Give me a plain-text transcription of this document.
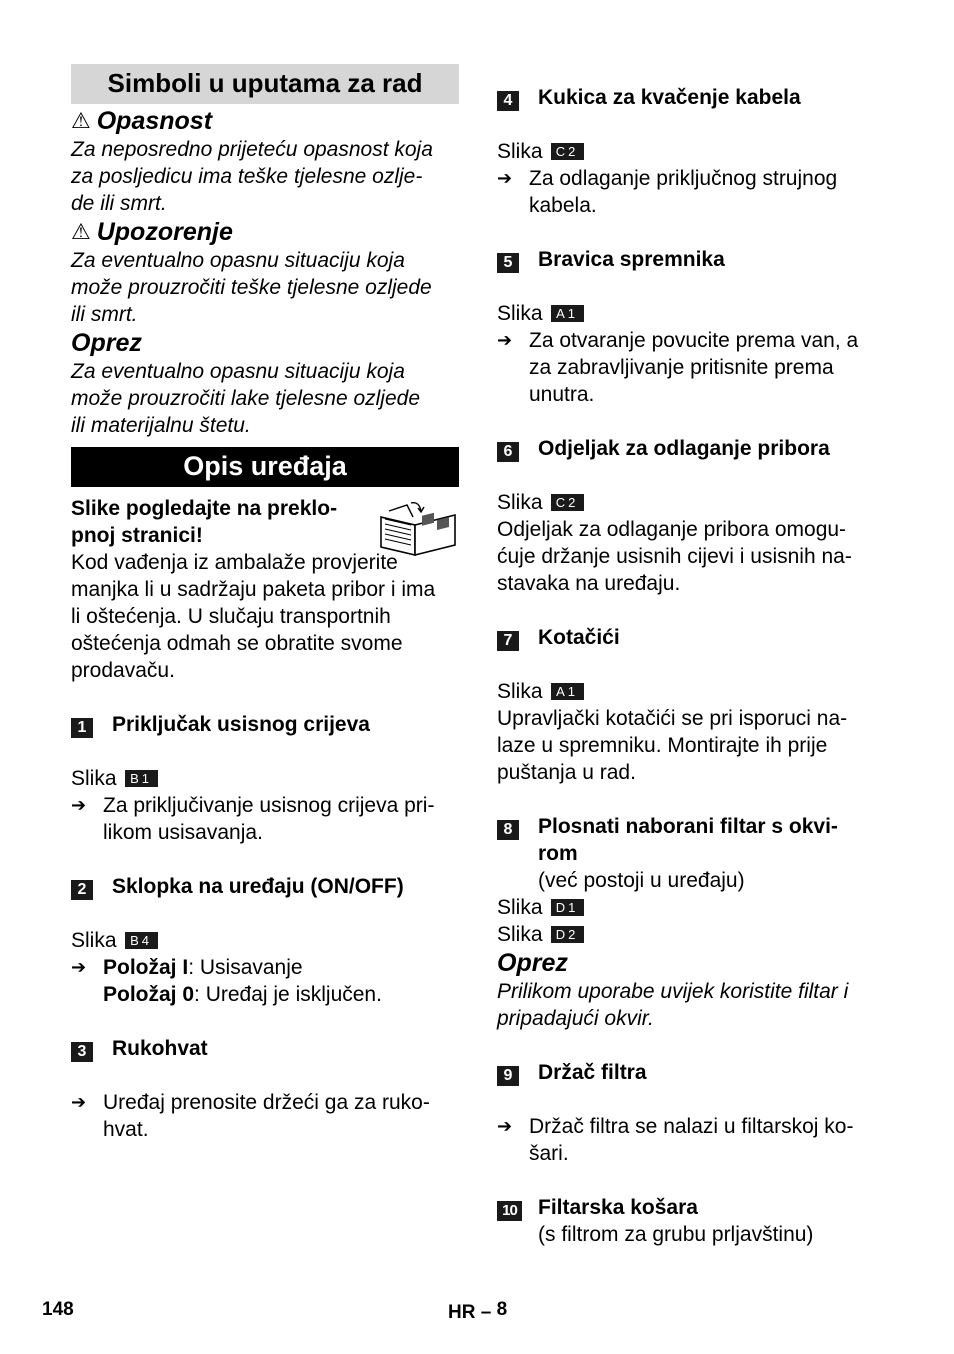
Simboli u uputama za rad
⚠ Opasnost

Za neposredno prijeteću opasnost koja

za posljedicu ima teške tjelesne ozlje-

de ili smrt.

⚠ Upozorenje

Za eventualno opasnu situaciju koja

može prouzročiti teške tjelesne ozljede

ili smrt.

Oprez

Za eventualno opasnu situaciju koja

može prouzročiti lake tjelesne ozljede

ili materijalnu štetu.

Opis uređaja

Slike pogledajte na preklo-

pnoj stranici!

Kod vađenja iz ambalaže provjerite

manjka li u sadržaju paketa pribor i ima

li oštećenja. U slučaju transportnih

oštećenja odmah se obratite svome

prodavaču.

1	Priključak usisnog crijeva
Slika	B1
➔ Za priključivanje usisnog crijeva pri-

likom usisavanja.

2	Sklopka na uređaju (ON/OFF)
Slika	B4
➔ Položaj I: Usisavanje

Položaj 0: Uređaj je isključen.

3	Rukohvat
➔ Uređaj prenosite držeći ga za ruko-

hvat.

4	Kukica za kvačenje kabela
Slika	C2
➔ Za odlaganje priključnog strujnog

kabela.

5	Bravica spremnika
Slika	A1
➔ Za otvaranje povucite prema van, a

za zabravljivanje pritisnite prema

unutra.

6	Odjeljak za odlaganje pribora
Slika	C2

Odjeljak za odlaganje pribora omogu-

ćuje držanje usisnih cijevi i usisnih na-

stavaka na uređaju.

7	Kotačići
Slika	A1

Upravljački kotačići se pri isporuci na-

laze u spremniku. Montirajte ih prije

puštanja u rad.

8	Plosnati naborani filtar s okvi-

rom

(već postoji u uređaju)

Slika	D1
Slika	D2
Oprez

Prilikom uporabe uvijek koristite filtar i

pripadajući okvir.

9	Držač filtra
➔ Držač filtra se nalazi u filtarskoj ko-

šari.

10 Filtarska košara

(s filtrom za grubu prljavštinu)

148	HR – $^8$
